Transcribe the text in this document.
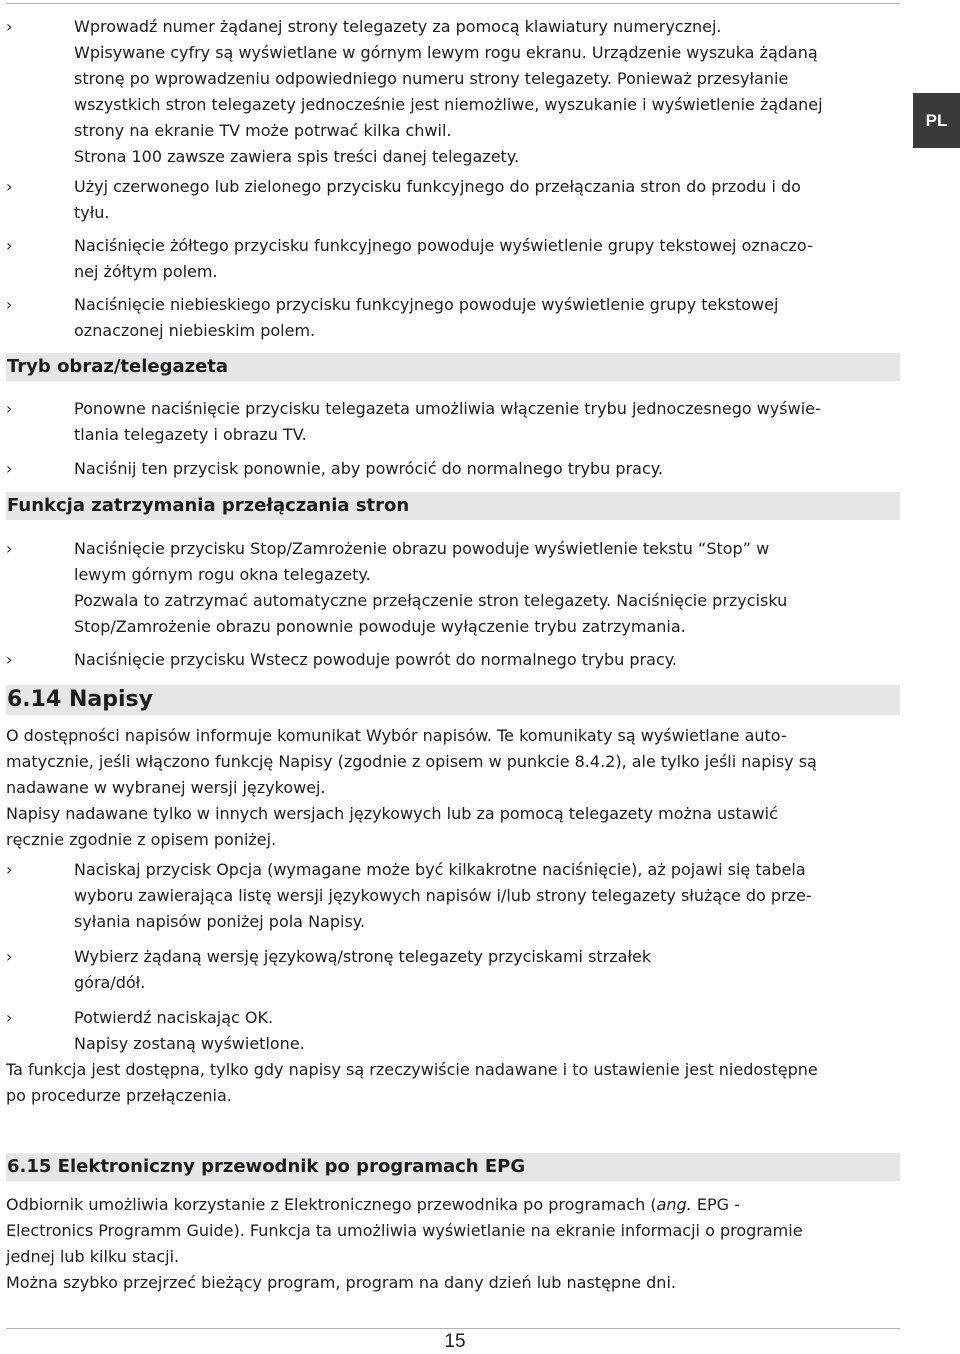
PL
›	Wprowadź numer żądanej strony telegazety za pomocą klawiatury numerycznej.

Wpisywane cyfry są wyświetlane w górnym lewym rogu ekranu. Urządzenie wyszuka żądaną

stronę po wprowadzeniu odpowiedniego numeru strony telegazety. Ponieważ przesyłanie

wszystkich stron telegazety jednocześnie jest niemożliwe, wyszukanie i wyświetlenie żądanej

strony na ekranie TV może potrwać kilka chwil.

Strona 100 zawsze zawiera spis treści danej telegazety.

›	Użyj czerwonego lub zielonego przycisku funkcyjnego do przełączania stron do przodu i do

tyłu.

›	Naciśnięcie żółtego przycisku funkcyjnego powoduje wyświetlenie grupy tekstowej oznaczo-

nej żółtym polem.

›	Naciśnięcie niebieskiego przycisku funkcyjnego powoduje wyświetlenie grupy tekstowej

oznaczonej niebieskim polem.

Tryb obraz/telegazeta
›	Ponowne naciśnięcie przycisku telegazeta umożliwia włączenie trybu jednoczesnego wyświe-

tlania telegazety i obrazu TV.

›	Naciśnij ten przycisk ponownie, aby powrócić do normalnego trybu pracy.

Funkcja zatrzymania przełączania stron
›	Naciśnięcie przycisku Stop/Zamrożenie obrazu powoduje wyświetlenie tekstu “Stop” w

lewym górnym rogu okna telegazety.

Pozwala to zatrzymać automatyczne przełączenie stron telegazety. Naciśnięcie przycisku

Stop/Zamrożenie obrazu ponownie powoduje wyłączenie trybu zatrzymania.

›	Naciśnięcie przycisku Wstecz powoduje powrót do normalnego trybu pracy.

6.14 Napisy

O dostępności napisów informuje komunikat Wybór napisów. Te komunikaty są wyświetlane auto-

matycznie, jeśli włączono funkcję Napisy (zgodnie z opisem w punkcie 8.4.2), ale tylko jeśli napisy są

nadawane w wybranej wersji językowej.

Napisy nadawane tylko w innych wersjach językowych lub za pomocą telegazety można ustawić

ręcznie zgodnie z opisem poniżej.

›	Naciskaj przycisk Opcja (wymagane może być kilkakrotne naciśnięcie), aż pojawi się tabela

wyboru zawierająca listę wersji językowych napisów i/lub strony telegazety służące do prze-

syłania napisów poniżej pola Napisy.

›	Wybierz żądaną wersję językową/stronę telegazety przyciskami strzałek

góra/dół.

›	Potwierdź naciskając OK.

Napisy zostaną wyświetlone.

Ta funkcja jest dostępna, tylko gdy napisy są rzeczywiście nadawane i to ustawienie jest niedostępne

po procedurze przełączenia.

6.15 Elektroniczny przewodnik po programach EPG

Odbiornik umożliwia korzystanie z Elektronicznego przewodnika po programach (ang. EPG -

Electronics Programm Guide). Funkcja ta umożliwia wyświetlanie na ekranie informacji o programie

jednej lub kilku stacji.

Można szybko przejrzeć bieżący program, program na dany dzień lub następne dni.

15
